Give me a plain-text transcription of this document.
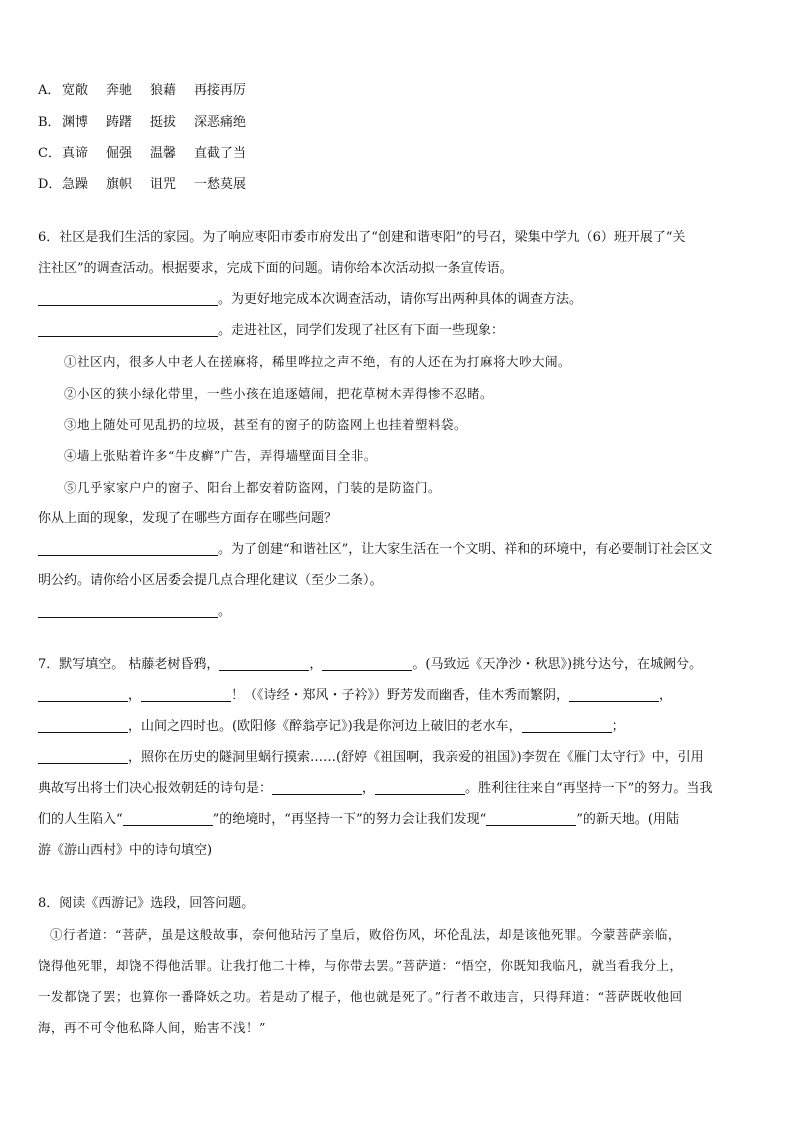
A． 宽敞 奔驰 狼藉 再接再厉
B．渊博 踌躇 挺拔 深恶痛绝
C．真谛 倔强 温馨 直截了当
D．急躁 旗帜 诅咒 一愁莫展
6．社区是我们生活的家园。为了响应枣阳市委市府发出了“创建和谐枣阳”的号召，梁集中学九（6）班开展了“关
注社区”的调查活动。根据要求，完成下面的问题。请你给本次活动拟一条宣传语。
。为更好地完成本次调查活动，请你写出两种具体的调查方法。
。走进社区，同学们发现了社区有下面一些现象：
①社区内，很多人中老人在搓麻将，稀里哗拉之声不绝，有的人还在为打麻将大吵大闹。
②小区的狭小绿化带里，一些小孩在追逐嬉闹，把花草树木弄得惨不忍睹。
③地上随处可见乱扔的垃圾，甚至有的窗子的防盗网上也挂着塑料袋。
④墙上张贴着许多“牛皮癣”广告，弄得墙壁面目全非。
⑤几乎家家户户的窗子、阳台上都安着防盗网，门装的是防盗门。
你从上面的现象，发现了在哪些方面存在哪些问题？
。为了创建“和谐社区”，让大家生活在一个文明、祥和的环境中，有必要制订社会区文
明公约。请你给小区居委会提几点合理化建议（至少二条）。
。
7．默写填空。 枯藤老树昏鸦，	，	。(马致远《天净沙・秋思》)挑兮达兮，在城阙兮。
，	！（《诗经・郑风・子衿》）野芳发而幽香，佳木秀而繁阴，	，
，山间之四时也。(欧阳修《醉翁亭记》)我是你河边上破旧的老水车，	；
，照你在历史的隧洞里蜗行摸索……(舒婷《祖国啊，我亲爱的祖国》)李贺在《雁门太守行》中，引用
典故写出将士们决心报效朝廷的诗句是：	，	。胜利往往来自“再坚持一下”的努力。当我
们的人生陷入“	”的绝境时，“再坚持一下”的努力会让我们发现“	”的新天地。(用陆
游《游山西村》中的诗句填空)
8．阅读《西游记》选段，回答问题。
①行者道：“菩萨，虽是这般故事，奈何他玷污了皇后，败俗伤风，坏伦乱法，却是该他死罪。今蒙菩萨亲临，
饶得他死罪，却饶不得他活罪。让我打他二十棒，与你带去罢。”菩萨道：“悟空，你既知我临凡，就当看我分上，
一发都饶了罢；也算你一番降妖之功。若是动了棍子，他也就是死了。”行者不敢违言，只得拜道：“菩萨既收他回
海，再不可令他私降人间，贻害不浅！”
